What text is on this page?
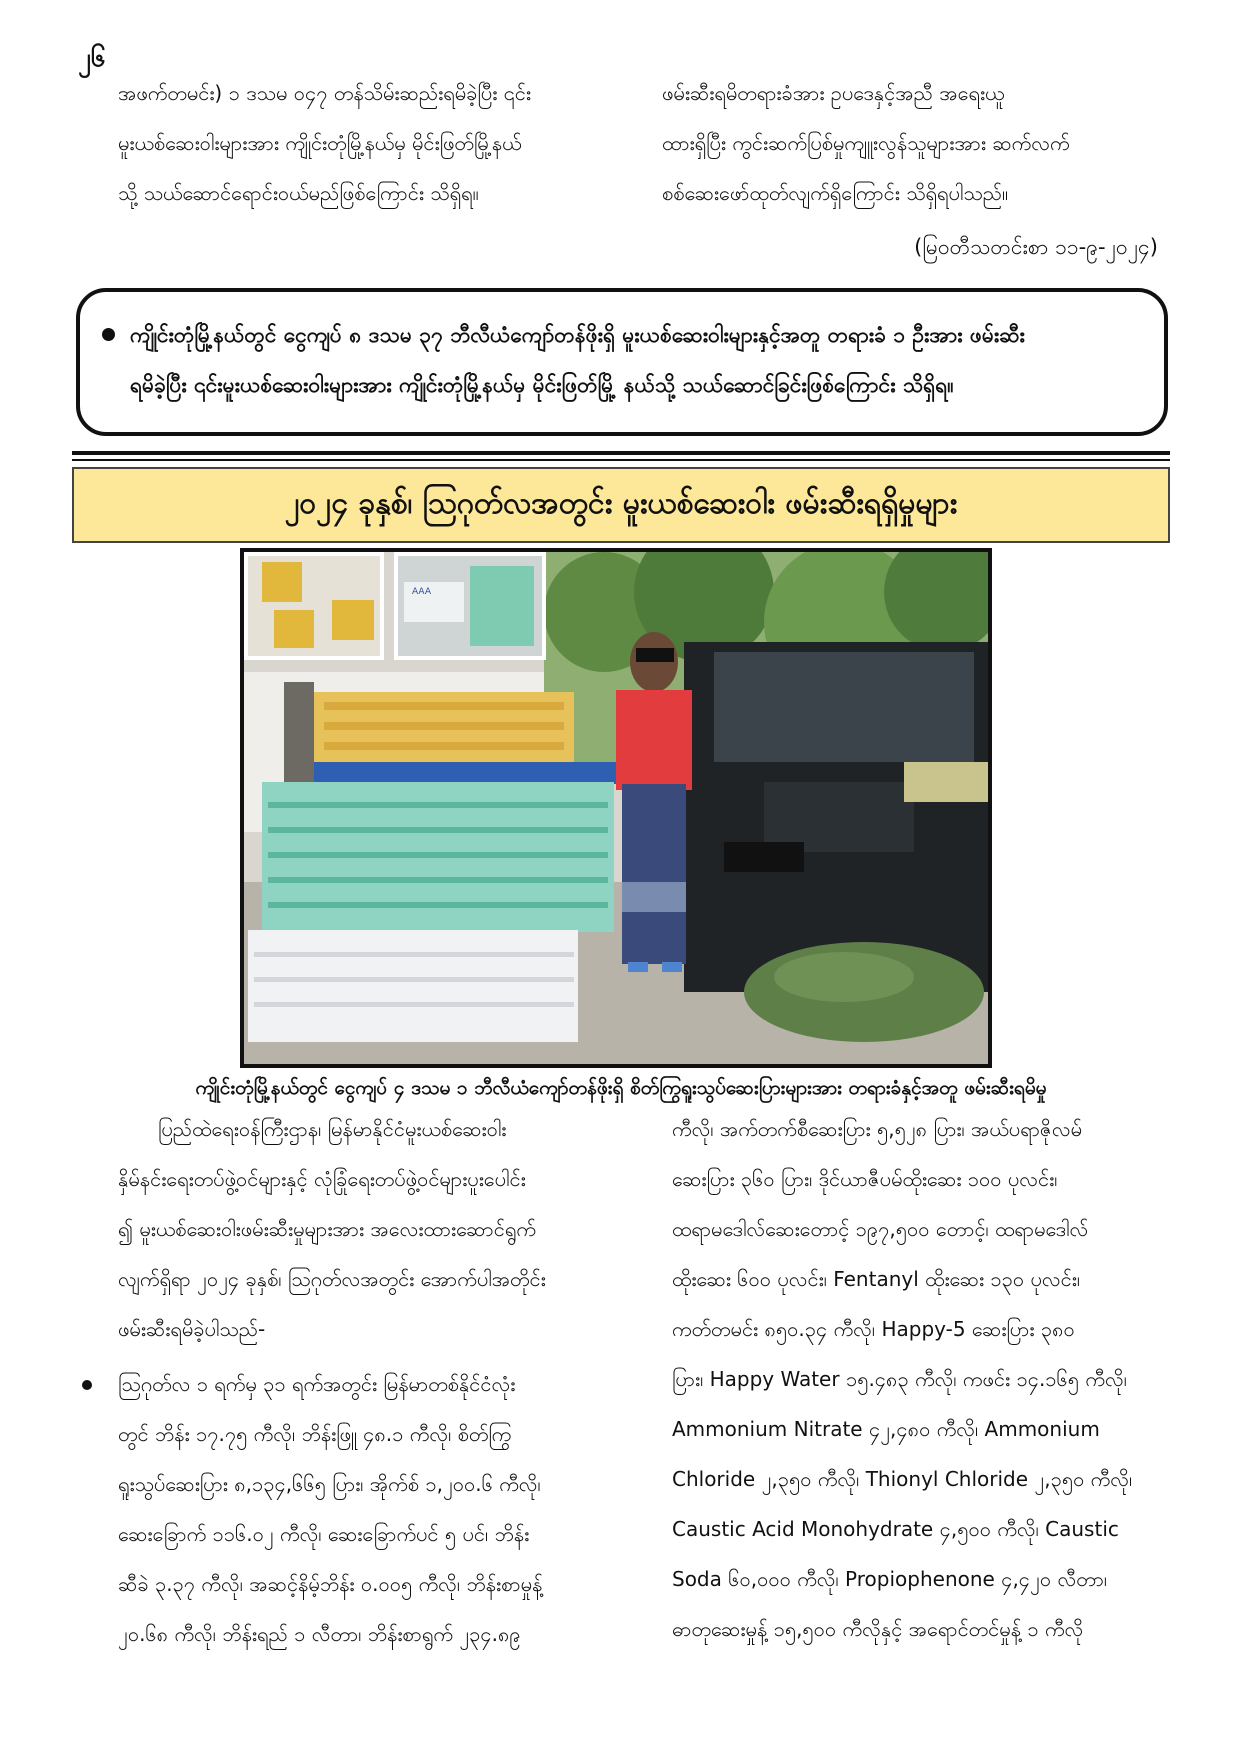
၂၆
အဖက်တမင်း) ၁ ဒသမ ၀၄၇ တန်သိမ်းဆည်းရမိခဲ့ပြီး ၎င်း
မူးယစ်ဆေးဝါးများအား ကျိုင်းတုံမြို့နယ်မှ မိုင်းဖြတ်မြို့နယ်
သို့ သယ်ဆောင်ရောင်းဝယ်မည်ဖြစ်ကြောင်း သိရှိရ။
ဖမ်းဆီးရမိတရားခံအား ဥပဒေနှင့်အညီ အရေးယူ
ထားရှိပြီး ကွင်းဆက်ပြစ်မှုကျူးလွန်သူများအား ဆက်လက်
စစ်ဆေးဖော်ထုတ်လျက်ရှိကြောင်း သိရှိရပါသည်။
(မြဝတီသတင်းစာ ၁၁-၉-၂၀၂၄)
ကျိုင်းတုံမြို့နယ်တွင် ငွေကျပ် ၈ ဒသမ ၃၇ ဘီလီယံကျော်တန်ဖိုးရှိ မူးယစ်ဆေးဝါးများနှင့်အတူ တရားခံ ၁ ဦးအား ဖမ်းဆီး
ရမိခဲ့ပြီး ၎င်းမူးယစ်ဆေးဝါးများအား ကျိုင်းတုံမြို့နယ်မှ မိုင်းဖြတ်မြို့ နယ်သို့ သယ်ဆောင်ခြင်းဖြစ်ကြောင်း သိရှိရ။
၂၀၂၄ ခုနှစ်၊ ဩဂုတ်လအတွင်း မူးယစ်ဆေးဝါး ဖမ်းဆီးရရှိမှုများ
AAA
ကျိုင်းတုံမြို့နယ်တွင် ငွေကျပ် ၄ ဒသမ ၁ ဘီလီယံကျော်တန်ဖိုးရှိ စိတ်ကြွရူးသွပ်ဆေးပြားများအား တရားခံနှင့်အတူ ဖမ်းဆီးရမိမှု
ပြည်ထဲရေးဝန်ကြီးဌာန၊ မြန်မာနိုင်ငံမူးယစ်ဆေးဝါး
နှိမ်နင်းရေးတပ်ဖွဲ့ဝင်များနှင့် လုံခြုံရေးတပ်ဖွဲ့ဝင်များပူးပေါင်း
၍ မူးယစ်ဆေးဝါးဖမ်းဆီးမှုများအား အလေးထားဆောင်ရွက်
လျက်ရှိရာ ၂၀၂၄ ခုနှစ်၊ ဩဂုတ်လအတွင်း အောက်ပါအတိုင်း
ဖမ်းဆီးရမိခဲ့ပါသည်-
ဩဂုတ်လ ၁ ရက်မှ ၃၁ ရက်အတွင်း မြန်မာတစ်နိုင်ငံလုံး
တွင် ဘိန်း ၁၇.၇၅ ကီလို၊ ဘိန်းဖြူ ၄၈.၁ ကီလို၊ စိတ်ကြွ
ရူးသွပ်ဆေးပြား ၈,၁၃၄,၆၆၅ ပြား၊ အိုက်စ် ၁,၂၀၀.၆ ကီလို၊
ဆေးခြောက် ၁၁၆.၀၂ ကီလို၊ ဆေးခြောက်ပင် ၅ ပင်၊ ဘိန်း
ဆီခဲ ၃.၃၇ ကီလို၊ အဆင့်နိမ့်ဘိန်း ၀.၀၀၅ ကီလို၊ ဘိန်းစာမှုန့်
၂၀.၆၈ ကီလို၊ ဘိန်းရည် ၁ လီတာ၊ ဘိန်းစာရွက် ၂၃၄.၈၉
ကီလို၊ အက်တက်စီဆေးပြား ၅,၅၂၈ ပြား၊ အယ်ပရာဇိုလမ်
ဆေးပြား ၃၆၀ ပြား၊ ဒိုင်ယာဇီပမ်ထိုးဆေး ၁၀၀ ပုလင်း၊
ထရာမဒေါလ်ဆေးတောင့် ၁၉၇,၅၀၀ တောင့်၊ ထရာမဒေါလ်
ထိုးဆေး ၆၀၀ ပုလင်း၊ Fentanyl ထိုးဆေး ၁၃၀ ပုလင်း၊
ကတ်တမင်း ၈၅၀.၃၄ ကီလို၊ Happy-5 ဆေးပြား ၃၈၀
ပြား၊ Happy Water ၁၅.၄၈၃ ကီလို၊ ကဖင်း ၁၄.၁၆၅ ကီလို၊
Ammonium Nitrate ၄၂,၄၈၀ ကီလို၊ Ammonium
Chloride ၂,၃၅၀ ကီလို၊ Thionyl Chloride ၂,၃၅၀ ကီလို၊
Caustic Acid Monohydrate ၄,၅၀၀ ကီလို၊ Caustic
Soda ၆၀,၀၀၀ ကီလို၊ Propiophenone ၄,၄၂၀ လီတာ၊
ဓာတုဆေးမှုန့် ၁၅,၅၀၀ ကီလိုနှင့် အရောင်တင်မှုန့် ၁ ကီလို
